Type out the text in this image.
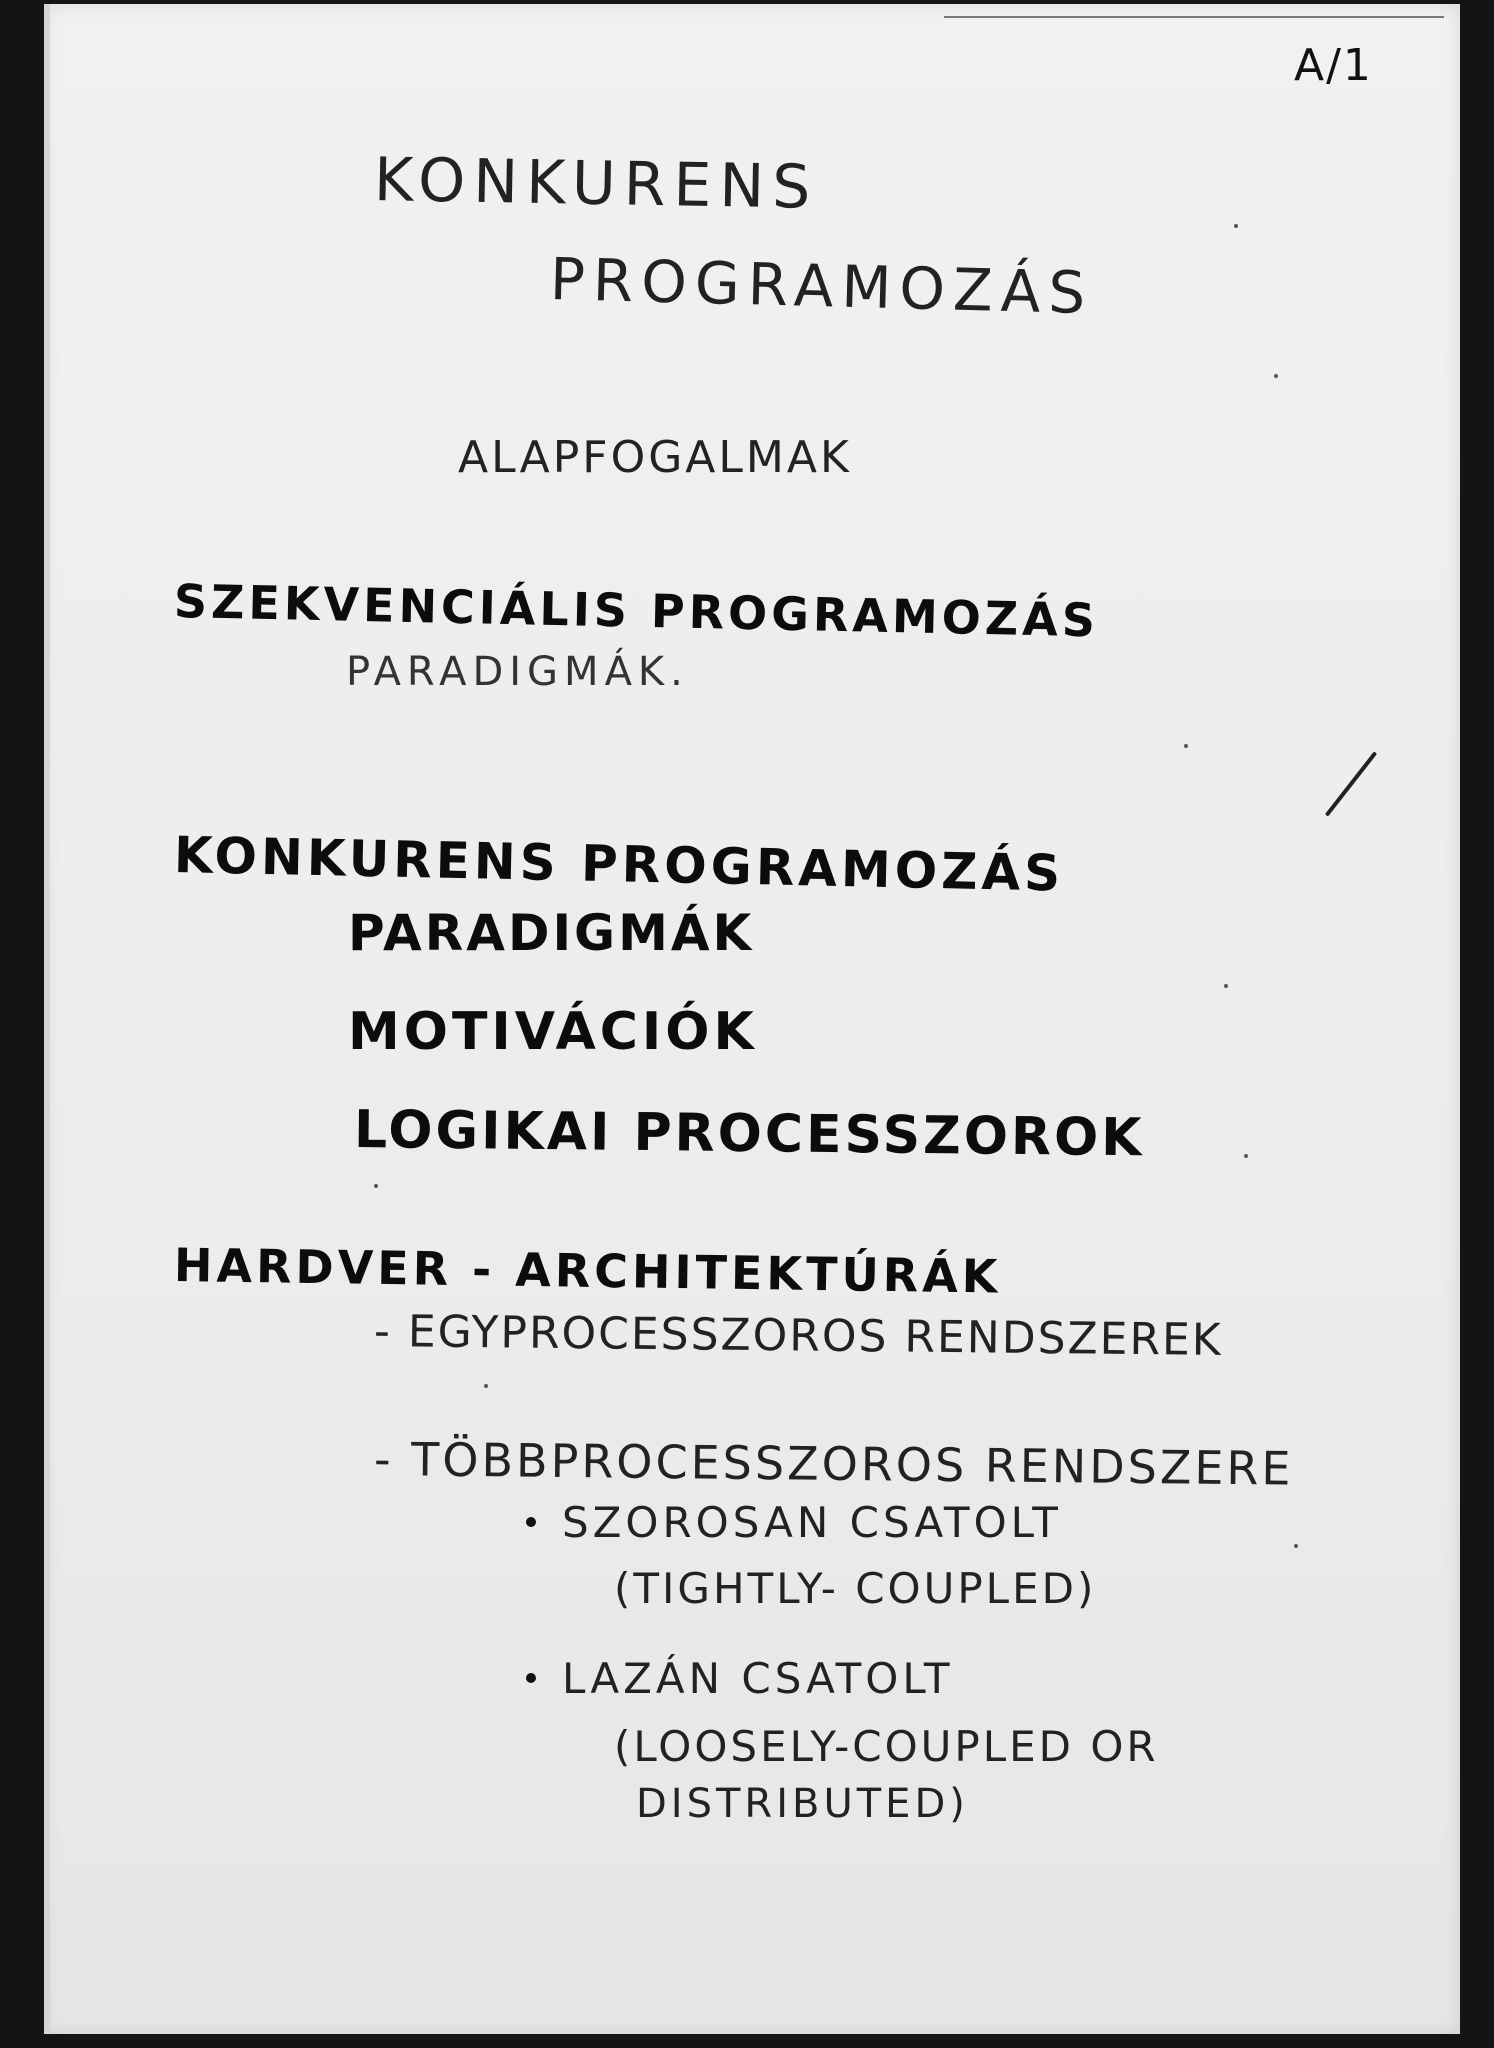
A/1
KONKURENS
PROGRAMOZÁS
ALAPFOGALMAK
SZEKVENCIÁLIS PROGRAMOZÁS
PARADIGMÁK.
KONKURENS PROGRAMOZÁS
PARADIGMÁK
MOTIVÁCIÓK
LOGIKAI PROCESSZOROK
HARDVER - ARCHITEKTÚRÁK
- EGYPROCESSZOROS RENDSZEREK
- TÖBBPROCESSZOROS RENDSZERE
SZOROSAN CSATOLT
(TIGHTLY- COUPLED)
LAZÁN CSATOLT
(LOOSELY-COUPLED OR
DISTRIBUTED)
